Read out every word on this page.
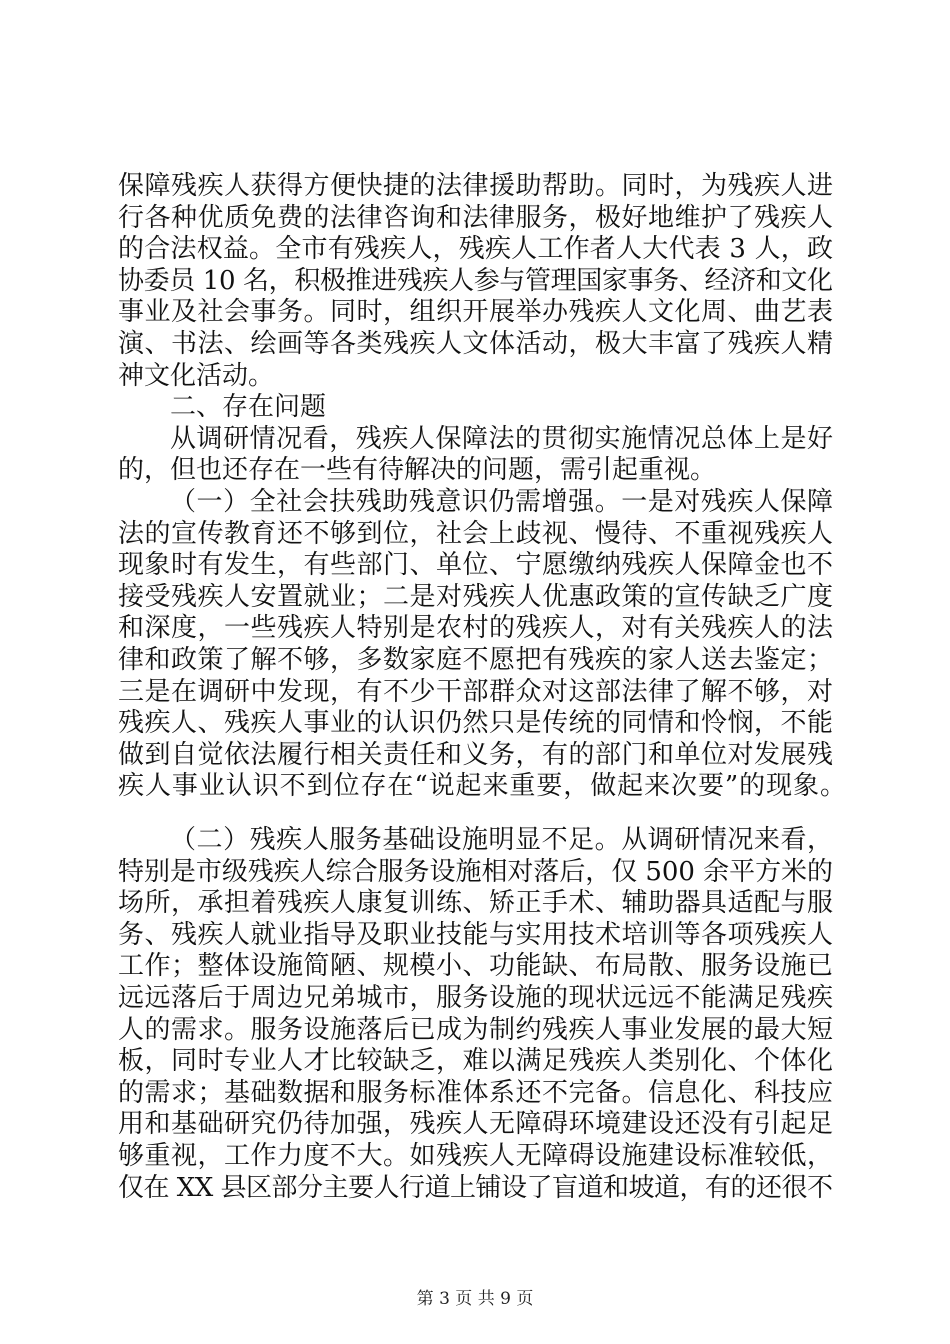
保障残疾人获得方便快捷的法律援助帮助。同时，为残疾人进
行各种优质免费的法律咨询和法律服务，极好地维护了残疾人
的合法权益。全市有残疾人，残疾人工作者人大代表 3 人，政
协委员 10 名，积极推进残疾人参与管理国家事务、经济和文化
事业及社会事务。同时，组织开展举办残疾人文化周、曲艺表
演、书法、绘画等各类残疾人文体活动，极大丰富了残疾人精
神文化活动。
二、存在问题
从调研情况看，残疾人保障法的贯彻实施情况总体上是好
的，但也还存在一些有待解决的问题，需引起重视。
（一）全社会扶残助残意识仍需增强。一是对残疾人保障
法的宣传教育还不够到位，社会上歧视、慢待、不重视残疾人
现象时有发生，有些部门、单位、宁愿缴纳残疾人保障金也不
接受残疾人安置就业；二是对残疾人优惠政策的宣传缺乏广度
和深度，一些残疾人特别是农村的残疾人，对有关残疾人的法
律和政策了解不够，多数家庭不愿把有残疾的家人送去鉴定；
三是在调研中发现，有不少干部群众对这部法律了解不够，对
残疾人、残疾人事业的认识仍然只是传统的同情和怜悯，不能
做到自觉依法履行相关责任和义务，有的部门和单位对发展残
疾人事业认识不到位存在“说起来重要，做起来次要”的现象。
（二）残疾人服务基础设施明显不足。从调研情况来看，
特别是市级残疾人综合服务设施相对落后，仅 500 余平方米的
场所，承担着残疾人康复训练、矫正手术、辅助器具适配与服
务、残疾人就业指导及职业技能与实用技术培训等各项残疾人
工作；整体设施简陋、规模小、功能缺、布局散、服务设施已
远远落后于周边兄弟城市，服务设施的现状远远不能满足残疾
人的需求。服务设施落后已成为制约残疾人事业发展的最大短
板，同时专业人才比较缺乏，难以满足残疾人类别化、个体化
的需求；基础数据和服务标准体系还不完备。信息化、科技应
用和基础研究仍待加强，残疾人无障碍环境建设还没有引起足
够重视，工作力度不大。如残疾人无障碍设施建设标准较低，
仅在 XX 县区部分主要人行道上铺设了盲道和坡道，有的还很不
第 3 页 共 9 页
